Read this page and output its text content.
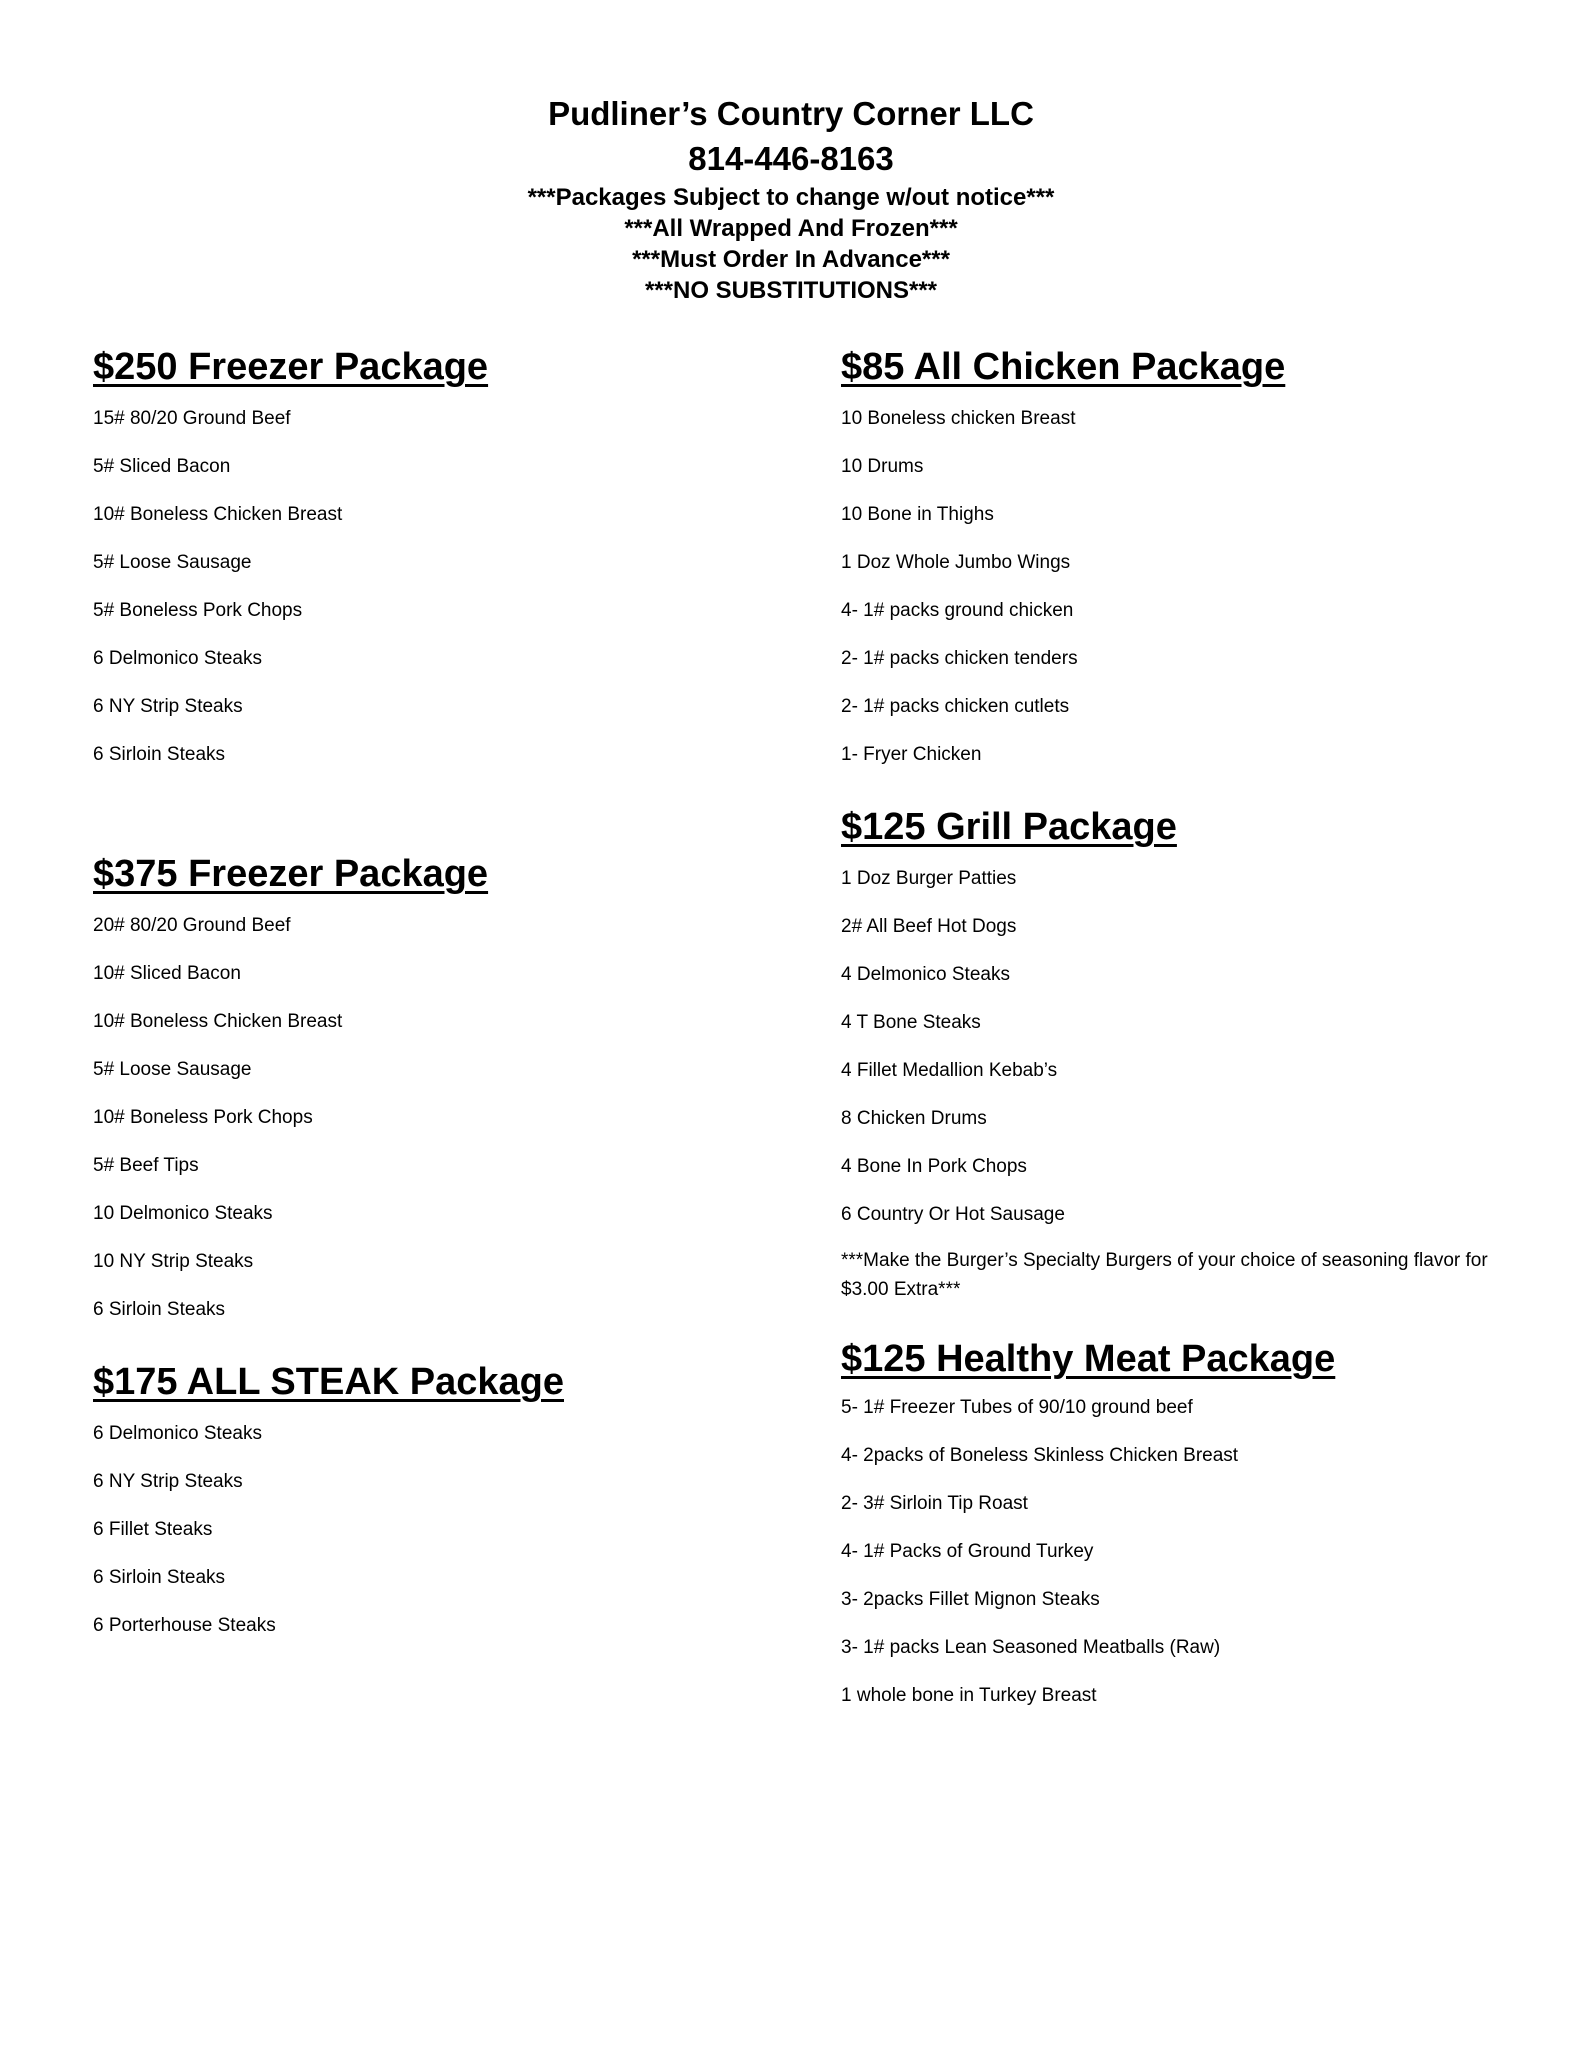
Pudliner’s Country Corner LLC
814-446-8163
***Packages Subject to change w/out notice***
***All Wrapped And Frozen***
***Must Order In Advance***
***NO SUBSTITUTIONS***
$250 Freezer Package
15# 80/20 Ground Beef
5# Sliced Bacon
10# Boneless Chicken Breast
5# Loose Sausage
5# Boneless Pork Chops
6 Delmonico Steaks
6 NY Strip Steaks
6 Sirloin Steaks
$85 All Chicken Package
10 Boneless chicken Breast
10 Drums
10 Bone in Thighs
1 Doz Whole Jumbo Wings
4- 1# packs ground chicken
2- 1# packs chicken tenders
2- 1# packs chicken cutlets
1- Fryer Chicken
$125 Grill Package
1 Doz Burger Patties
2# All Beef Hot Dogs
4 Delmonico Steaks
4 T Bone Steaks
4 Fillet Medallion Kebab’s
8 Chicken Drums
4 Bone In Pork Chops
6 Country Or Hot Sausage
***Make the Burger’s Specialty Burgers of your choice of seasoning flavor for $3.00 Extra***
$375 Freezer Package
20# 80/20 Ground Beef
10# Sliced Bacon
10# Boneless Chicken Breast
5# Loose Sausage
10# Boneless Pork Chops
5# Beef Tips
10 Delmonico Steaks
10 NY Strip Steaks
6 Sirloin Steaks
$175 ALL STEAK Package
6 Delmonico Steaks
6 NY Strip Steaks
6 Fillet Steaks
6 Sirloin Steaks
6 Porterhouse Steaks
$125 Healthy Meat Package
5- 1# Freezer Tubes of 90/10 ground beef
4- 2packs of Boneless Skinless Chicken Breast
2- 3# Sirloin Tip Roast
4- 1# Packs of Ground Turkey
3- 2packs Fillet Mignon Steaks
3- 1# packs Lean Seasoned Meatballs (Raw)
1 whole bone in Turkey Breast
